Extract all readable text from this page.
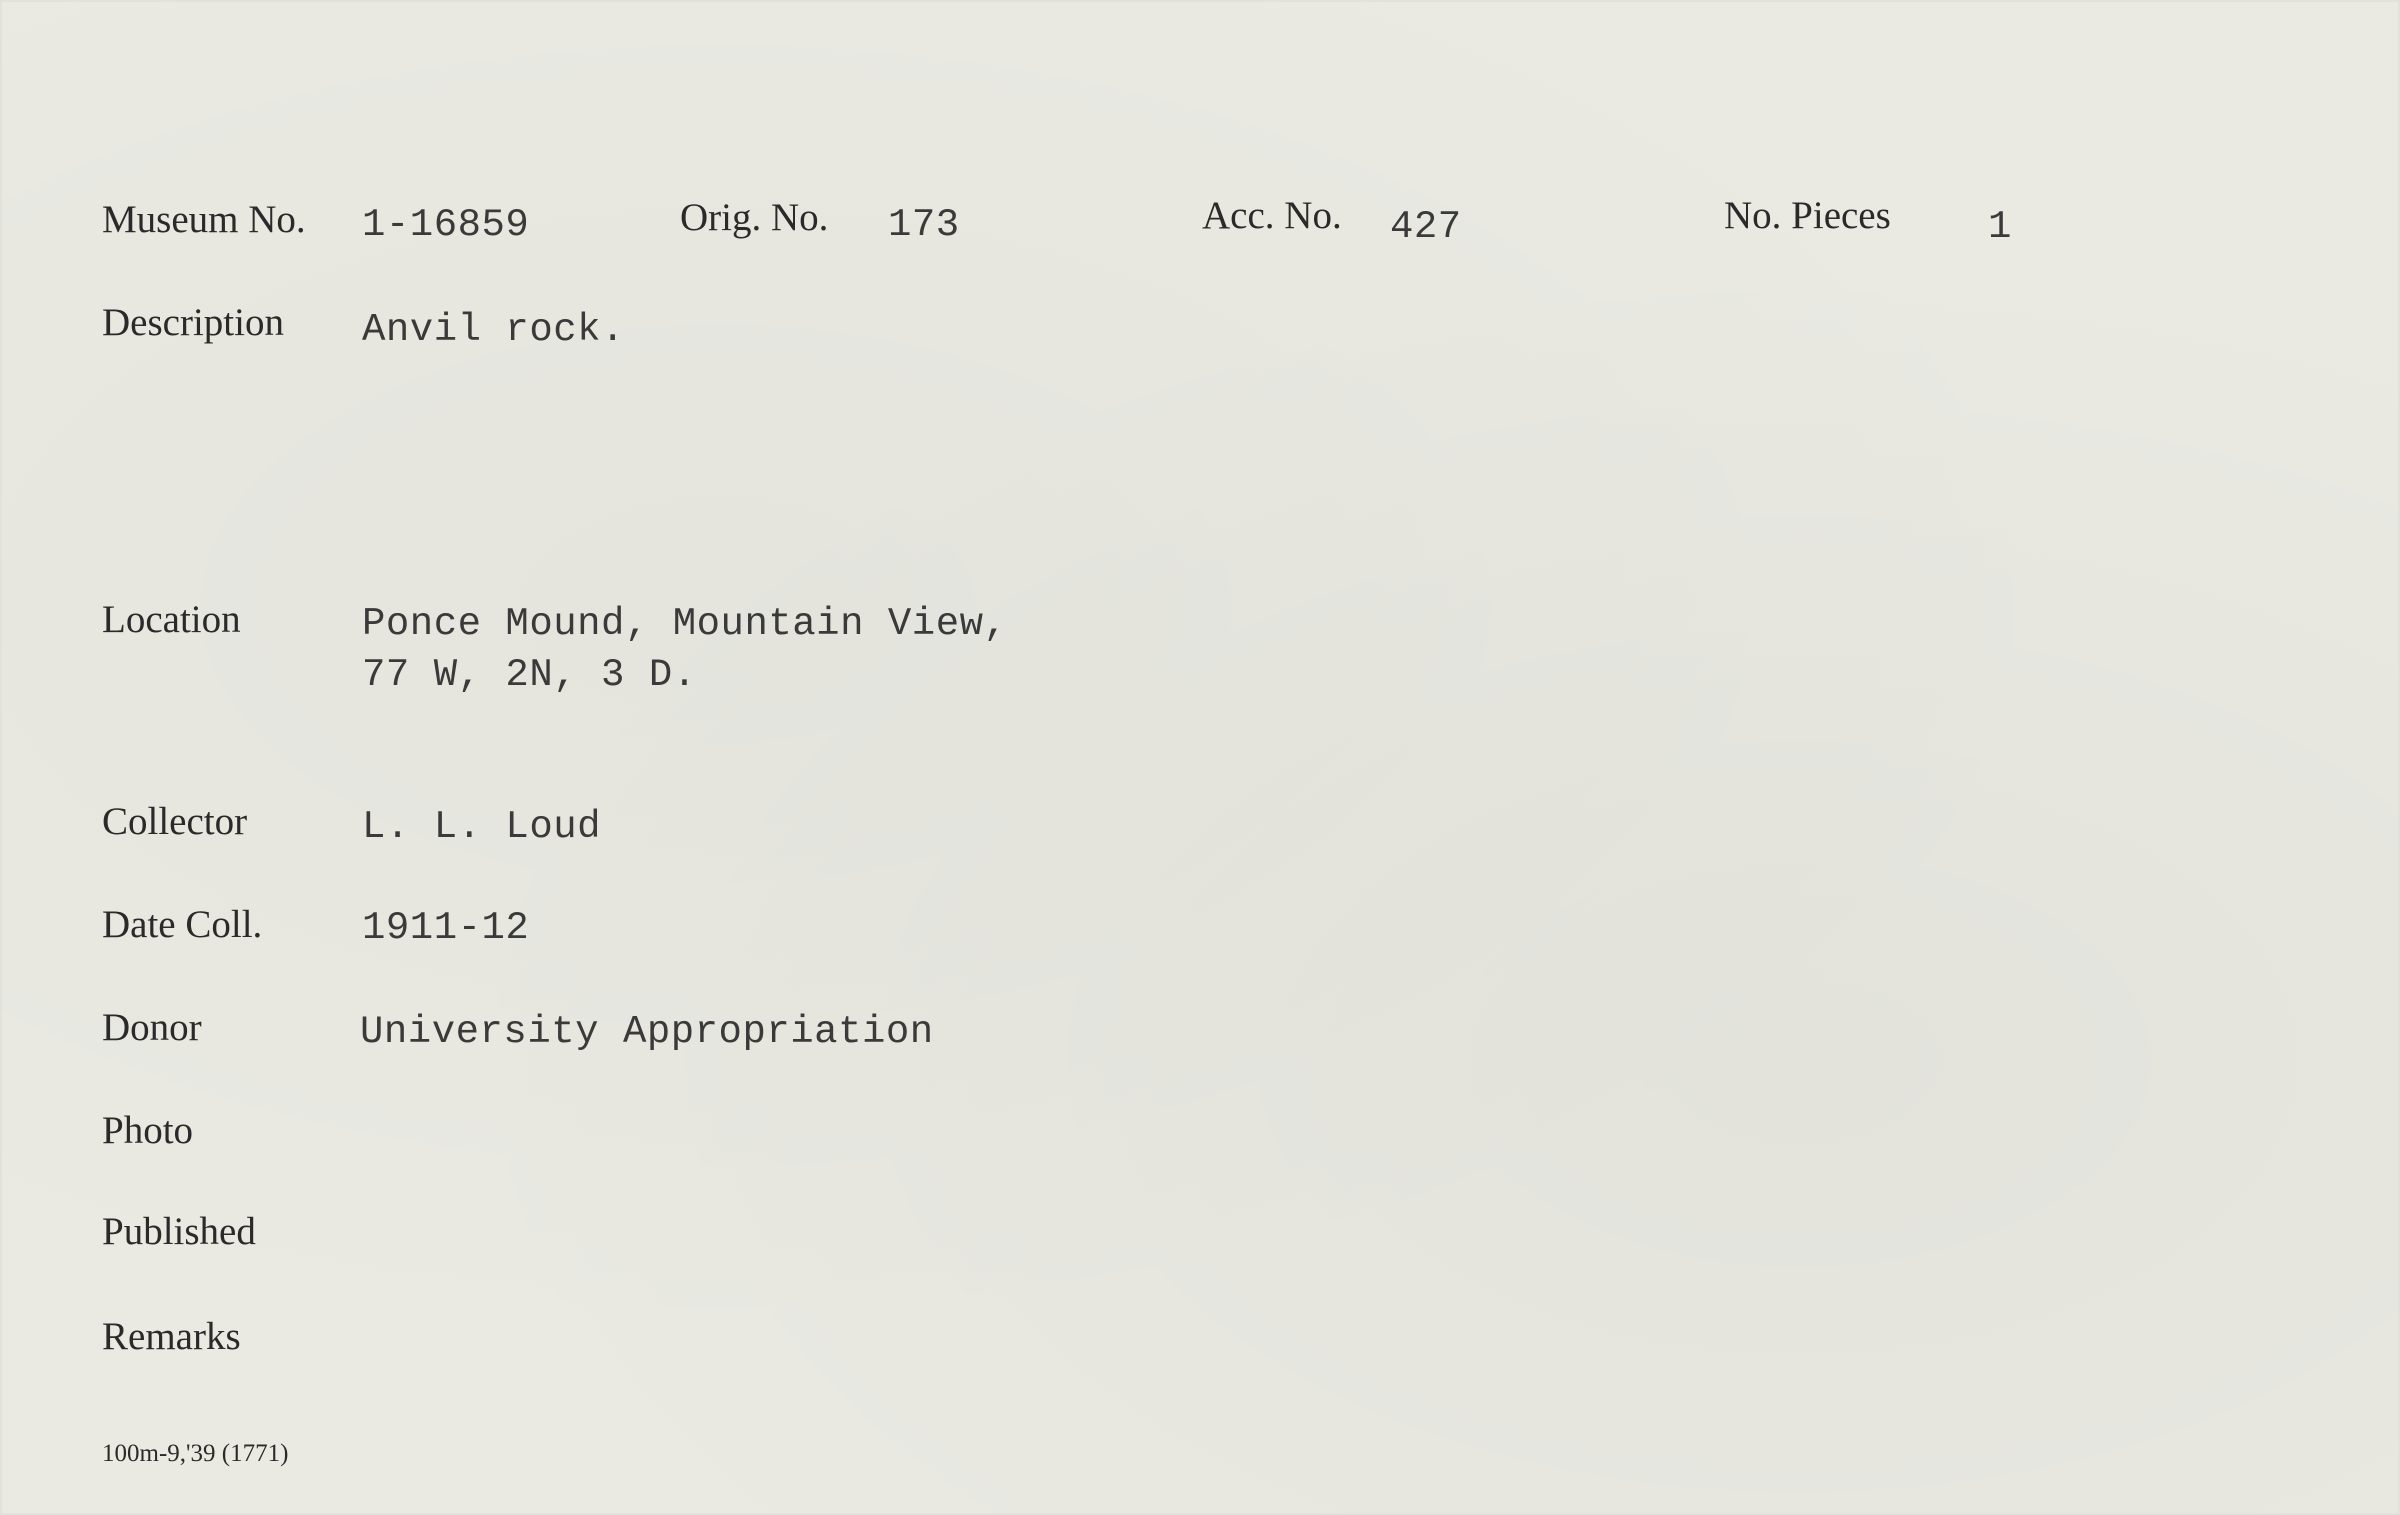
Museum No. 1-16859	Orig. No. 173	Acc. No. 427	No. Pieces 1
Description Anvil rock.
Location	Ponce Mound, Mountain View,
77 W, 2N, 3 D.
Collector	L. L. Loud
Date Coll.	1911-12
Donor	University Appropriation
Photo
Published
Remarks
100m-9,'39 (1771)
